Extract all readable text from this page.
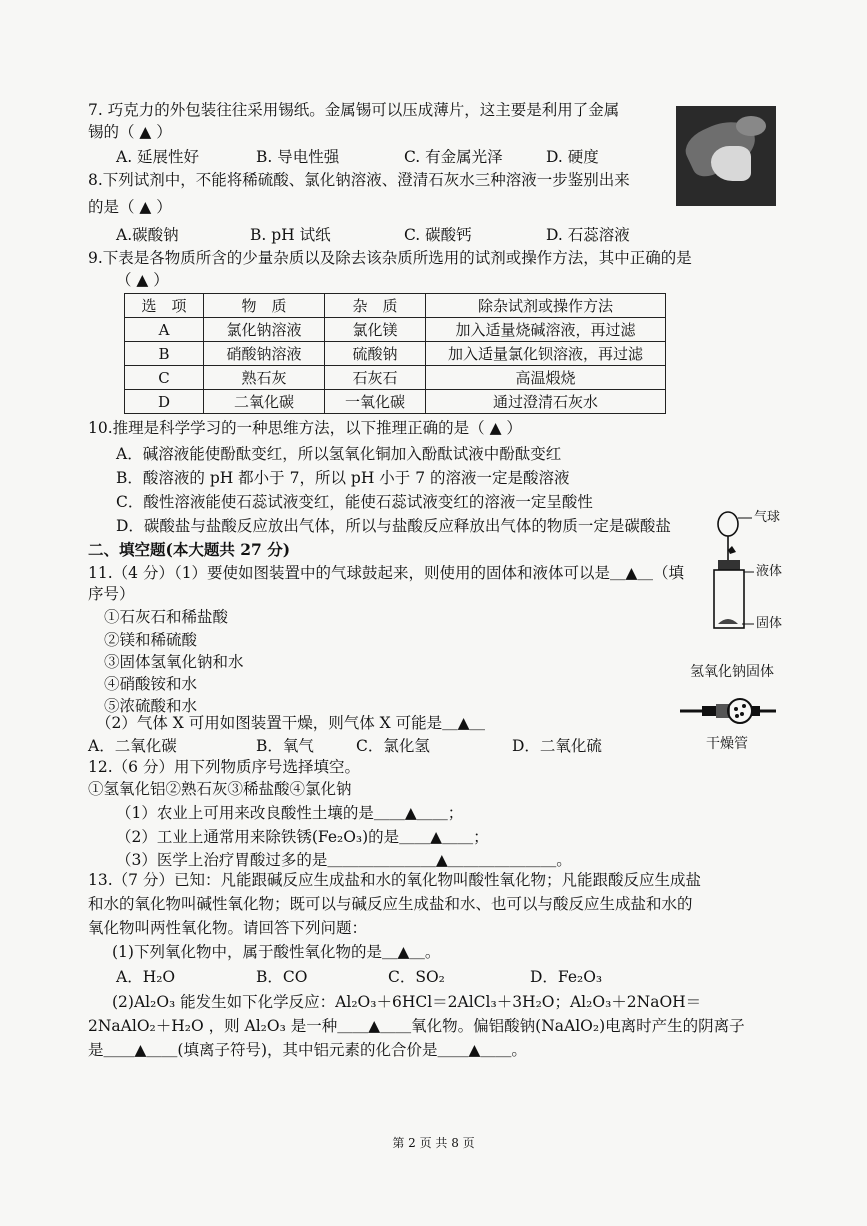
7. 巧克力的外包装往往采用锡纸。金属锡可以压成薄片，这主要是利用了金属
锡的（ ▲ ）
A. 延展性好	B. 导电性强	C. 有金属光泽	D. 硬度
8.下列试剂中，不能将稀硫酸、氯化钠溶液、澄清石灰水三种溶液一步鉴别出来
的是（ ▲ ）
A.碳酸钠	B. pH 试纸	C. 碳酸钙	D. 石蕊溶液
9.下表是各物质所含的少量杂质以及除去该杂质所选用的试剂或操作方法，其中正确的是
（ ▲ ）
选　项	物　质	杂　质	除杂试剂或操作方法
A	氯化钠溶液	氯化镁	加入适量烧碱溶液，再过滤
B	硝酸钠溶液	硫酸钠	加入适量氯化钡溶液，再过滤
C	熟石灰	石灰石	高温煅烧
D	二氧化碳	一氧化碳	通过澄清石灰水
10.推理是科学学习的一种思维方法，以下推理正确的是（ ▲ ）
A．碱溶液能使酚酞变红，所以氢氧化铜加入酚酞试液中酚酞变红
B．酸溶液的 pH 都小于 7，所以 pH 小于 7 的溶液一定是酸溶液
C．酸性溶液能使石蕊试液变红，能使石蕊试液变红的溶液一定呈酸性
D．碳酸盐与盐酸反应放出气体，所以与盐酸反应释放出气体的物质一定是碳酸盐
二、填空题(本大题共 27 分)
11.（4 分）（1）要使如图装置中的气球鼓起来，则使用的固体和液体可以是＿▲＿（填
序号）
①石灰石和稀盐酸
②镁和稀硫酸
③固体氢氧化钠和水
④硝酸铵和水
⑤浓硫酸和水
（2）气体 X 可用如图装置干燥，则气体 X 可能是＿▲＿
A．二氧化碳	B．氧气	C．氯化氢	D．二氧化硫
气球
液体
固体
氢氧化钠固体
干燥管
12.（6 分）用下列物质序号选择填空。
①氢氧化铝②熟石灰③稀盐酸④氯化钠
（1）农业上可用来改良酸性土壤的是＿＿▲＿＿；
（2）工业上通常用来除铁锈(Fe₂O₃)的是＿＿▲＿＿；
（3）医学上治疗胃酸过多的是＿＿＿＿＿＿＿▲＿＿＿＿＿＿＿。
13.（7 分）已知：凡能跟碱反应生成盐和水的氧化物叫酸性氧化物；凡能跟酸反应生成盐
和水的氧化物叫碱性氧化物；既可以与碱反应生成盐和水、也可以与酸反应生成盐和水的
氧化物叫两性氧化物。请回答下列问题：
(1)下列氧化物中，属于酸性氧化物的是＿▲＿。
A．H₂O	B．CO	C．SO₂	D．Fe₂O₃
(2)Al₂O₃ 能发生如下化学反应：Al₂O₃＋6HCl＝2AlCl₃＋3H₂O；Al₂O₃＋2NaOH＝
2NaAlO₂＋H₂O ，则 Al₂O₃ 是一种＿＿▲＿＿氧化物。偏铝酸钠(NaAlO₂)电离时产生的阴离子
是＿＿▲＿＿(填离子符号)，其中铝元素的化合价是＿＿▲＿＿。
第 2 页 共 8 页
